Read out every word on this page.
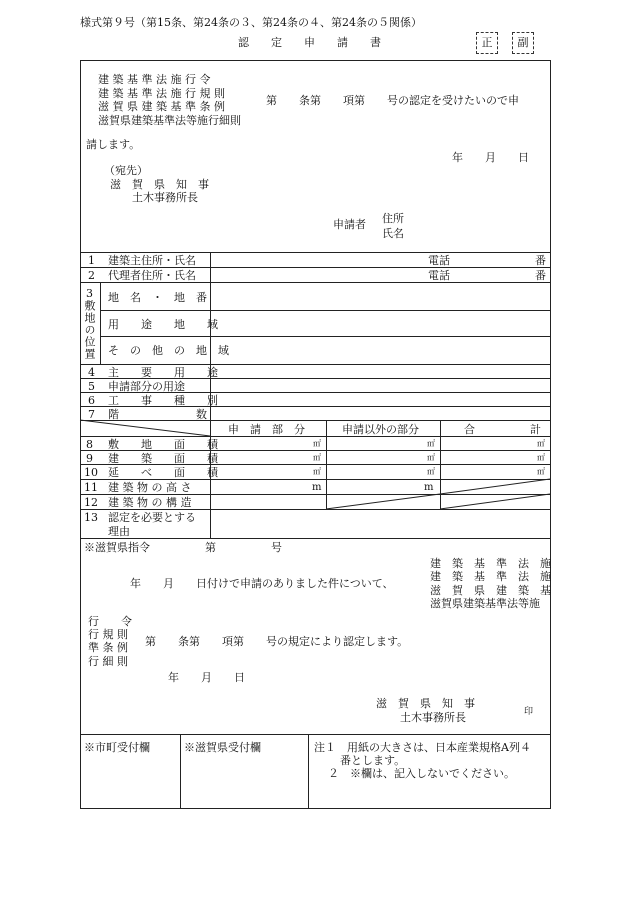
様式第９号（第15条、第24条の３、第24条の４、第24条の５関係）
認　　定　　申　　請　　書	正	副
建 築 基 準 法 施 行 令
建 築 基 準 法 施 行 規 則
滋 賀 県 建 築 基 準 条 例
滋賀県建築基準法等施行細則
第　　条第　　項第　　号の認定を受けたいので申
請します。
年　　月　　日
（宛先）
滋　賀　県　知　事
土木事務所長
申請者 住所
氏名
1 建築主住所・氏名	電話	番
2 代理者住所・氏名	電話	番
3
敷地の位置
地　名　・　地　番
用　　途　　地　　域
そ　の　他　の　地　域
4 主　　要　　用　　途
5 申請部分の用途
6 工　　事　　種　　別
7 階　　　　　　　数
申　請　部　分	申請以外の部分	合　　　　　計
8 敷　　地　　面　　積	㎡	㎡	㎡
9 建　　築　　面　　積	㎡	㎡	㎡
10 延　　べ　　面　　積	㎡	㎡	㎡
11 建 築 物 の 高 さ	m	m
12 建 築 物 の 構 造
13 認定を必要とする
理由
※滋賀県指令　　　　　第　　　　　号
建　築　基　準　法　施
建　築　基　準　法　施
滋　賀　県　建　築　基
滋賀県建築基準法等施
年　　月　　日付けで申請のありました件について、
行　　令
行 規 則
準 条 例
行 細 則
第　　条第　　項第　　号の規定により認定します。
年　　月　　日
滋　賀　県　知　事
土木事務所長	印
※市町受付欄	※滋賀県受付欄	注１　用紙の大きさは、日本産業規格A列４
番とします。
２　※欄は、記入しないでください。
